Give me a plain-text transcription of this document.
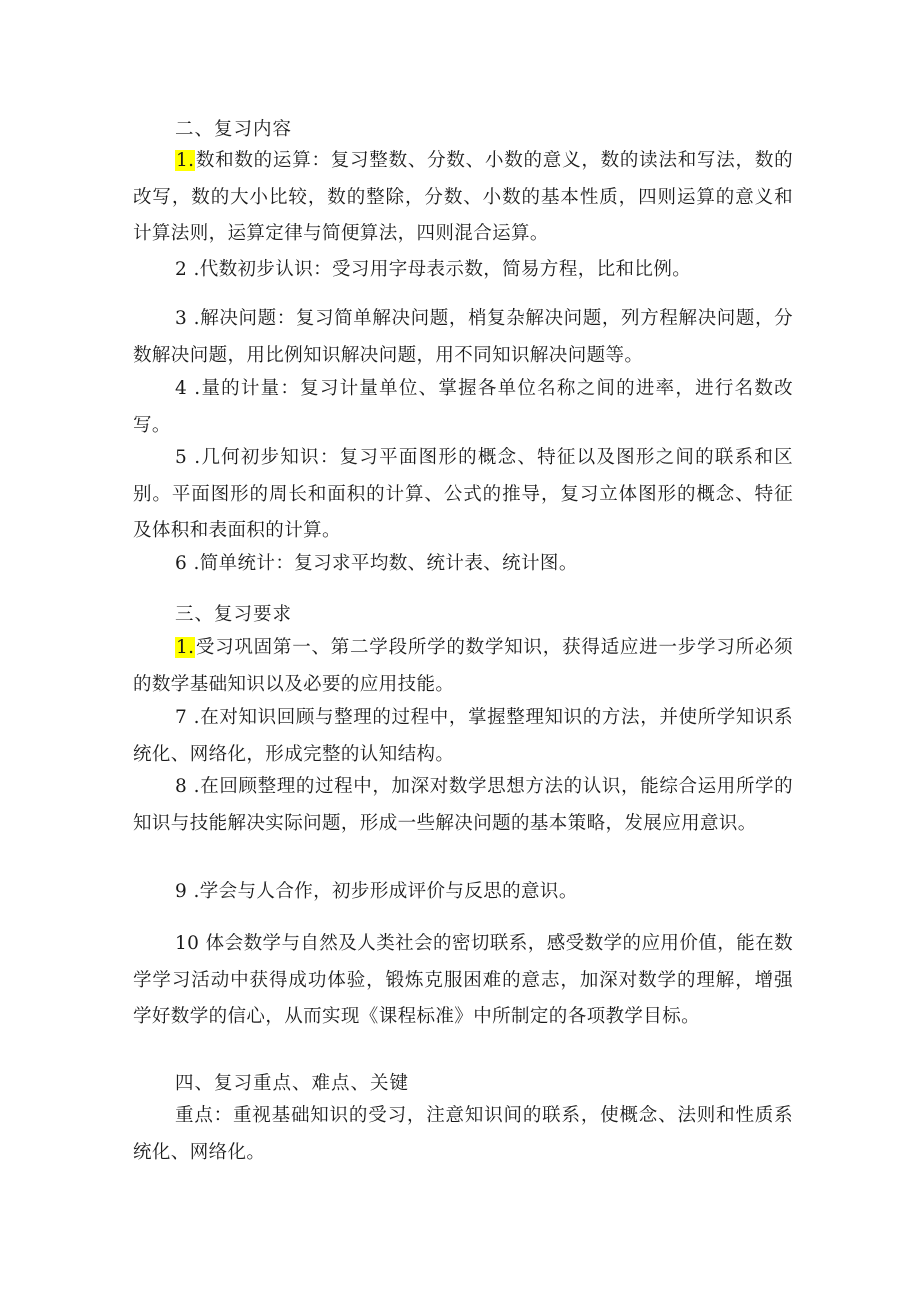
二、复习内容

1.数和数的运算：复习整数、分数、小数的意义，数的读法和写法，数的改写，数的大小比较，数的整除，分数、小数的基本性质，四则运算的意义和计算法则，运算定律与简便算法，四则混合运算。

2 .代数初步认识：受习用字母表示数，简易方程，比和比例。

3 .解决问题：复习简单解决问题，梢复杂解决问题，列方程解决问题，分数解决问题，用比例知识解决问题，用不同知识解决问题等。

4 .量的计量：复习计量单位、掌握各单位名称之间的进率，进行名数改写。

5 .几何初步知识：复习平面图形的概念、特征以及图形之间的联系和区别。平面图形的周长和面积的计算、公式的推导，复习立体图形的概念、特征及体积和表面积的计算。

6 .简单统计：复习求平均数、统计表、统计图。

三、复习要求

1.受习巩固第一、第二学段所学的数学知识，获得适应进一步学习所必须的数学基础知识以及必要的应用技能。

7 .在对知识回顾与整理的过程中，掌握整理知识的方法，并使所学知识系统化、网络化，形成完整的认知结构。

8 .在回顾整理的过程中，加深对数学思想方法的认识，能综合运用所学的知识与技能解决实际问题，形成一些解决问题的基本策略，发展应用意识。

9 .学会与人合作，初步形成评价与反思的意识。

10 体会数学与自然及人类社会的密切联系，感受数学的应用价值，能在数学学习活动中获得成功体验，锻炼克服困难的意志，加深对数学的理解，增强学好数学的信心，从而实现《课程标准》中所制定的各项教学目标。

四、复习重点、难点、关键

重点：重视基础知识的受习，注意知识间的联系，使概念、法则和性质系统化、网络化。
